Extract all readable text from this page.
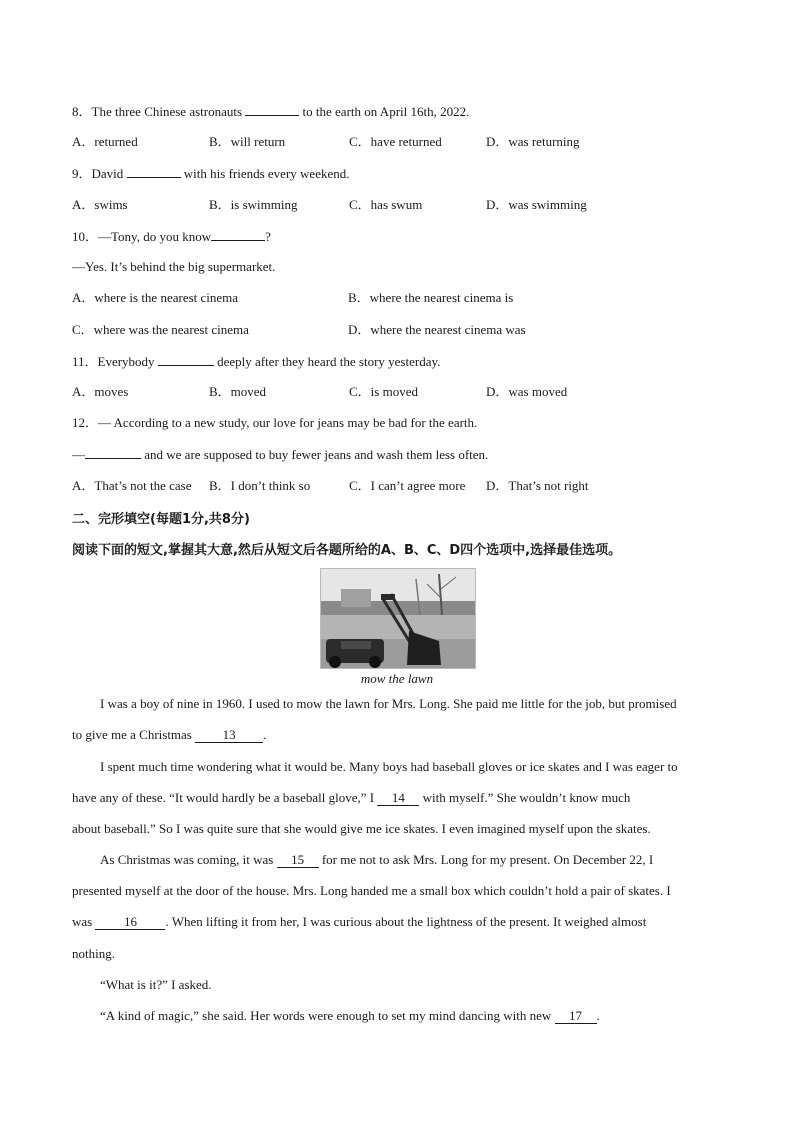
8．The three Chinese astronauts	to the earth on April 16th, 2022.
A．returned	B．will return	C．have returned	D．was returning
9．David	with his friends every weekend.
A．swims	B．is swimming	C．has swum	D．was swimming
10．—Tony, do you know	?
—Yes. It’s behind the big supermarket.
A．where is the nearest cinema	B．where the nearest cinema is
C．where was the nearest cinema	D．where the nearest cinema was
11．Everybody	deeply after they heard the story yesterday.
A．moves	B．moved	C．is moved	D．was moved
12．— According to a new study, our love for jeans may be bad for the earth.
—	and we are supposed to buy fewer jeans and wash them less often.
A．That’s not the case B．I don’t think so	C．I can’t agree more D．That’s not right
二、完形填空(每题1分,共8分)
阅读下面的短文,掌握其大意,然后从短文后各题所给的A、B、C、D四个选项中,选择最佳选项。
mow the lawn
I was a boy of nine in 1960. I used to mow the lawn for Mrs. Long. She paid me little for the job, but promised
to give me a Christmas 13 .
I spent much time wondering what it would be. Many boys had baseball gloves or ice skates and I was eager to
have any of these. “It would hardly be a baseball glove,” I 14 with myself.” She wouldn’t know much
about baseball.” So I was quite sure that she would give me ice skates. I even imagined myself upon the skates.
As Christmas was coming, it was 15 for me not to ask Mrs. Long for my present. On December 22, I
presented myself at the door of the house. Mrs. Long handed me a small box which couldn’t hold a pair of skates. I
was 16 . When lifting it from her, I was curious about the lightness of the present. It weighed almost
nothing.
“What is it?” I asked.
“A kind of magic,” she said. Her words were enough to set my mind dancing with new 17 .
